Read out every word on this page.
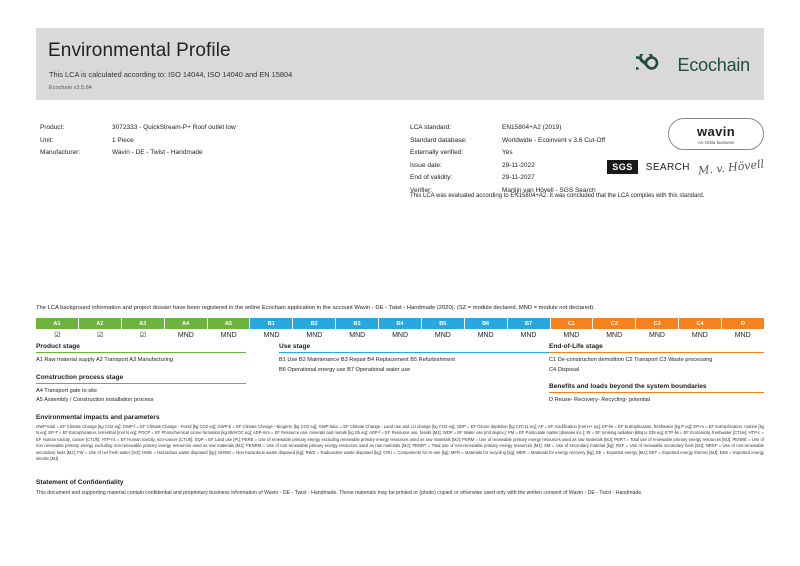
Environmental Profile
This LCA is calculated according to: ISO 14044, ISO 14040 and EN 15804
Ecochain v3.5.64
Ecochain
Product:	3072333 - QuickStream-P+ Roof outlet low
Unit:	1 Piece
Manufacturer:	Wavin - DE - Twist - Handmade
LCA standard:	EN15804+A2 (2019)
Standard database:	Worldwide - Ecoinvent v 3.6 Cut-Off
Externally verified:	Yes
Issue date:	29-11-2022
End of validity:	29-11-2027
Verifier:	Martijn van Hövell - SGS Search
This LCA was evaluated according to EN15804+A2. It was concluded that the LCA complies with this standard.
wavin
An Orbia business
SGS	SEARCH M. v. Hövell
The LCA background information and project dossier have been registered in the online Ecochain application in the account Wavin - DE - Twist - Handmade (2020). (SZ = module declared, MND = module not declared).
A1	A2	A3	A4	A5	B1	B2	B3	B4	B5	B6	B7	C1	C2	C3	C4	D
☑	☑	☑	MND	MND	MND	MND	MND	MND	MND	MND	MND	MND	MND	MND	MND	MND
Product stage
A1 Raw material supply A2 Transport A3 Manufacturing
Construction process stage
A4 Transport gate to site
A5 Assembly / Construction installation process
Use stage
B1 Use B2 Maintenance B3 Repair B4 Replacement B5 Refurbishment
B6 Operational energy use B7 Operational water use
End-of-Life stage
C1 De-construction demolition C2 Transport C3 Waste processing
C4 Disposal
Benefits and loads beyond the system boundaries
D Reuse- Recovery- Recycling- potential
Environmental impacts and parameters
GWP-total = EF Climate Change [kg CO2 eq]; GWP-f = EF Climate Change - Fossil [kg CO2 eq]; GWP-b = EF Climate Change - Biogenic [kg CO2 eq]; GWP-luluc = EF Climate Change - Land use and LU change [kg CO2 eq]; ODP = EF Ozone depletion [kg CFC11 eq]; AP = EF Acidification [mol H+ eq]; EP-fw = EF Eutrophication, freshwater [kg P eq]; EP-m = EF Eutrophication, marine [kg N eq]; EP-T = EF Eutrophication, terrestrial [mol N eq]; POCP = EF Photochemical ozone formation [kg NMVOC eq]; ADP-mm = EF Resource use, minerals and metals [kg Sb eq]; ADP-f = EF Resource use, fossils [MJ]; WDP = EF Water use [m3 depriv.]; PM = EF Particulate matter [disease inc.]; IR = EF Ionising radiation [kBq U-235 eq]; ETP-fw = EF Ecotoxicity, freshwater [CTUe]; HTP-c = EF Human toxicity, cancer [CTUh]; HTP-nc = EF Human toxicity, non-cancer [CTUh]; SQP = EF Land use [Pt]; PERE = Use of renewable primary energy excluding renewable primary energy resources used as raw materials [MJ]; PERM = Use of renewable primary energy resources used as raw materials [MJ]; PERT = Total use of renewable primary energy resources [MJ]; PENRE = Use of non renewable primary energy excluding non-renewable primary energy resources used as raw materials [MJ]; PENRM = Use of non-renewable primary energy resources used as raw materials [MJ]; PENRT = Total use of non-renewable primary energy resources [MJ]; SM = Use of secondary material [kg]; RSF = Use of renewable secondary fuels [MJ]; NRSF = Use of non-renewable secondary fuels [MJ]; FW = Use of net fresh water [m3]; HWD = Hazardous waste disposed [kg]; NHWD = Non-hazardous waste disposed [kg]; RWD = Radioactive waste disposed [kg]; CRU = Components for re-use [kg]; MFR = Materials for recycling [kg]; MER = Materials for energy recovery [kg]; EE = Exported energy [MJ]; EET = Exported energy thermic [MJ]; EEE = Exported energy electric [MJ]
Statement of Confidentiality
This document and supporting material contain confidential and proprietary business information of Wavin - DE - Twist - Handmade. These materials may be printed or (photo) copied or otherwise used only with the written consent of Wavin - DE - Twist - Handmade.
